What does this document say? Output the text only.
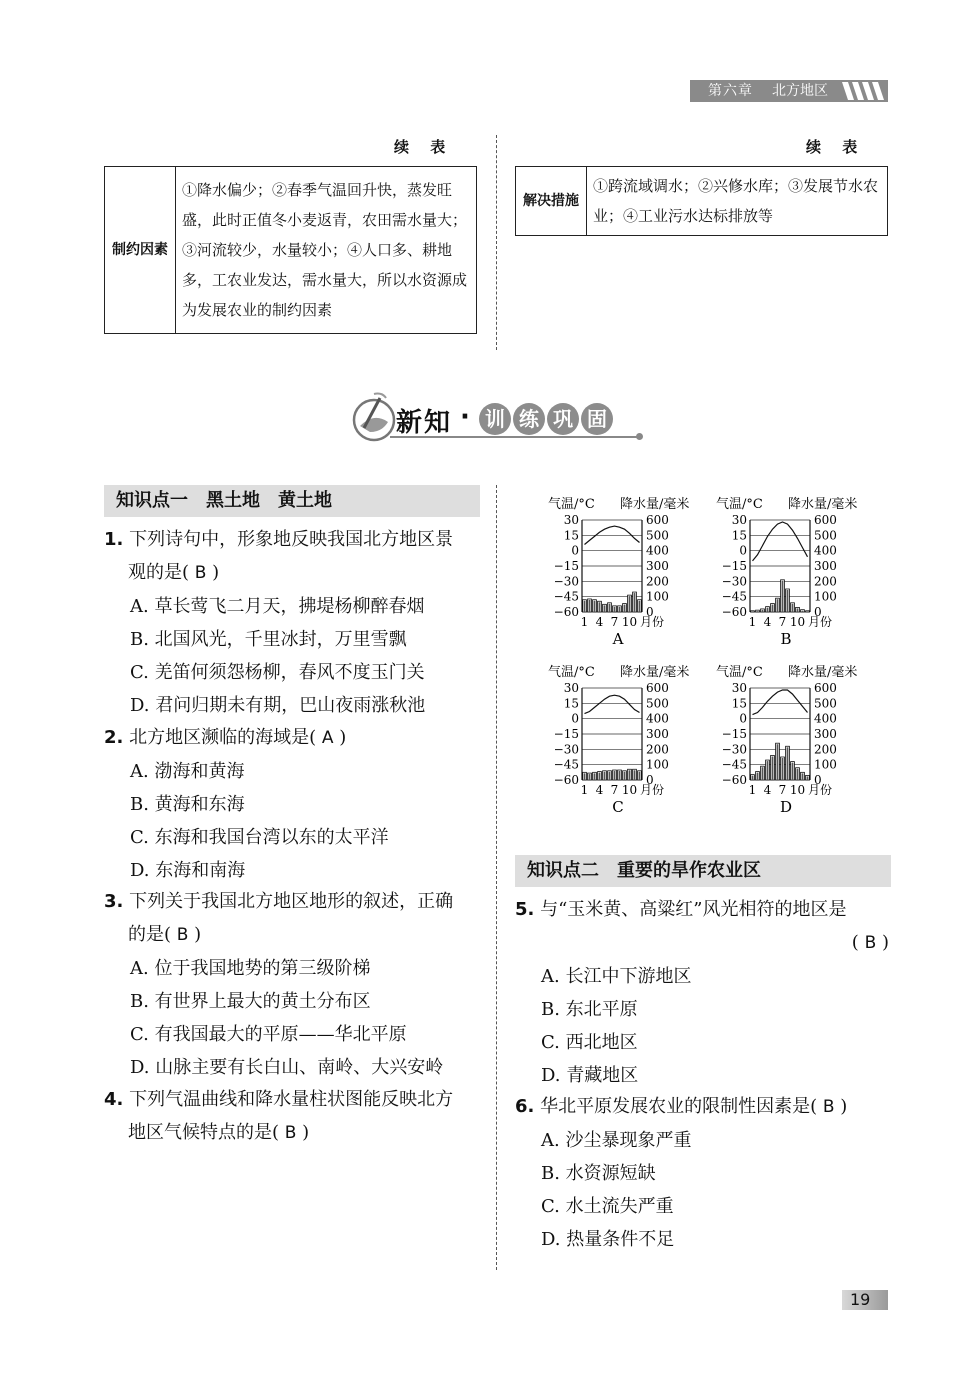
第六章 北方地区
续 表	续 表
制约因素	①降水偏少；②春季气温回升快，蒸发旺盛，此时正值冬小麦返青，农田需水量大；③河流较少，水量较小；④人口多、耕地多，工农业发达，需水量大，所以水资源成为发展农业的制约因素
解决措施	①跨流域调水；②兴修水库；③发展节水农业；④工业污水达标排放等
新知 · 训 练 巩 固
知识点一　黑土地　黄土地
1. 下列诗句中，形象地反映我国北方地区景
观的是( B )
A. 草长莺飞二月天，拂堤杨柳醉春烟
B. 北国风光，千里冰封，万里雪飘
C. 羌笛何须怨杨柳，春风不度玉门关
D. 君问归期未有期，巴山夜雨涨秋池
2. 北方地区濒临的海域是( A )
A. 渤海和黄海
B. 黄海和东海
C. 东海和我国台湾以东的太平洋
D. 东海和南海
3. 下列关于我国北方地区地形的叙述，正确
的是( B )
A. 位于我国地势的第三级阶梯
B. 有世界上最大的黄土分布区
C. 有我国最大的平原——华北平原
D. 山脉主要有长白山、南岭、大兴安岭
4. 下列气温曲线和降水量柱状图能反映北方
地区气候特点的是( B )
气温/°C 降水量/毫米
30	600
15	500
0	400
−15	300
−30	200
−45	100
−60	0
1 4 7 10 月份
A
气温/°C 降水量/毫米
30	600
15	500
0	400
−15	300
−30	200
−45	100
−60	0
1 4 7 10 月份
B
气温/°C 降水量/毫米
30	600
15	500
0	400
−15	300
−30	200
−45	100
−60	0
1 4 7 10 月份
C
气温/°C 降水量/毫米
30	600
15	500
0	400
−15	300
−30	200
−45	100
−60	0
1 4 7 10 月份
D
知识点二　重要的旱作农业区
5. 与“玉米黄、高粱红”风光相符的地区是
( B )
A. 长江中下游地区
B. 东北平原
C. 西北地区
D. 青藏地区
6. 华北平原发展农业的限制性因素是( B )
A. 沙尘暴现象严重
B. 水资源短缺
C. 水土流失严重
D. 热量条件不足
19
